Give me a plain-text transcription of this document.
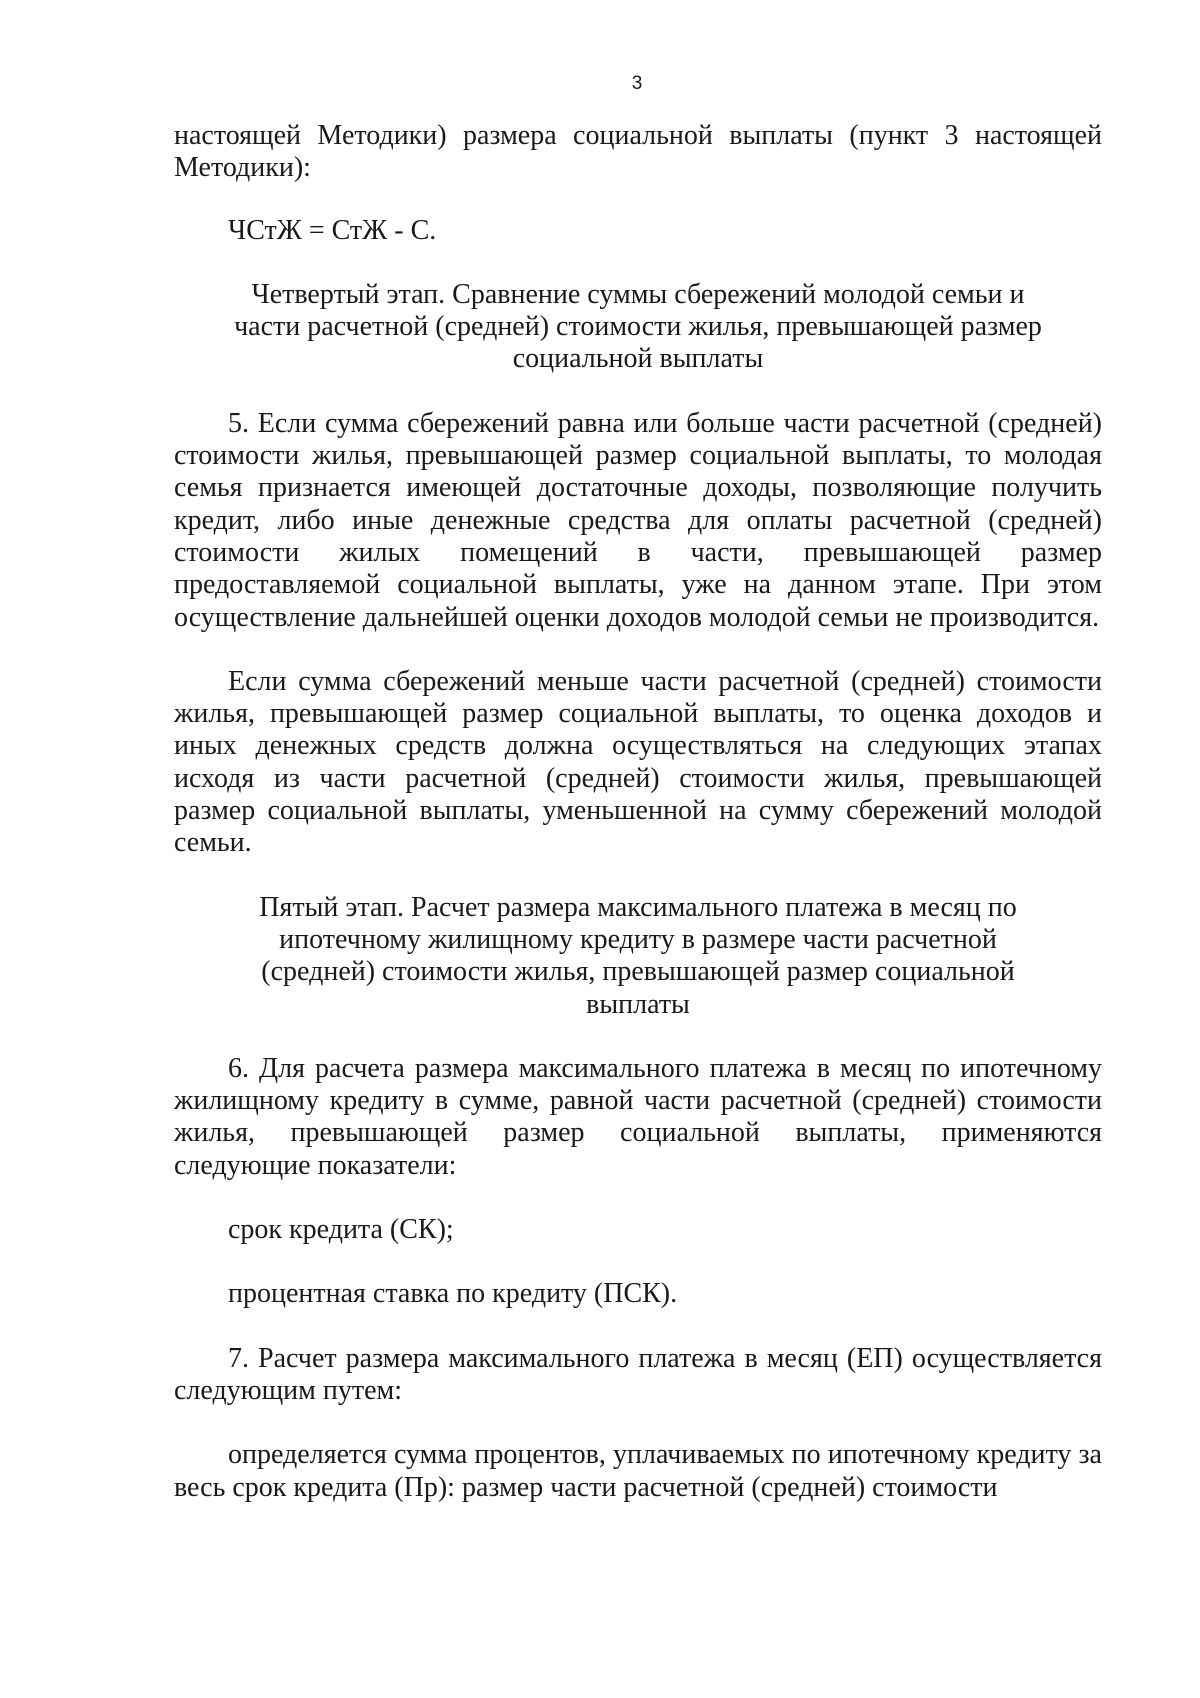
3

настоящей Методики) размера социальной выплаты (пункт 3 настоящей Методики):

ЧСтЖ = СтЖ - С.

Четвертый этап. Сравнение суммы сбережений молодой семьи и части расчетной (средней) стоимости жилья, превышающей размер социальной выплаты

5. Если сумма сбережений равна или больше части расчетной (средней) стоимости жилья, превышающей размер социальной выплаты, то молодая семья признается имеющей достаточные доходы, позволяющие получить кредит, либо иные денежные средства для оплаты расчетной (средней) стоимости жилых помещений в части, превышающей размер предоставляемой социальной выплаты, уже на данном этапе. При этом осуществление дальнейшей оценки доходов молодой семьи не производится.

Если сумма сбережений меньше части расчетной (средней) стоимости жилья, превышающей размер социальной выплаты, то оценка доходов и иных денежных средств должна осуществляться на следующих этапах исходя из части расчетной (средней) стоимости жилья, превышающей размер социальной выплаты, уменьшенной на сумму сбережений молодой семьи.

Пятый этап. Расчет размера максимального платежа в месяц по ипотечному жилищному кредиту в размере части расчетной (средней) стоимости жилья, превышающей размер социальной выплаты

6. Для расчета размера максимального платежа в месяц по ипотечному жилищному кредиту в сумме, равной части расчетной (средней) стоимости жилья, превышающей размер социальной выплаты, применяются следующие показатели:

срок кредита (СК);

процентная ставка по кредиту (ПСК).

7. Расчет размера максимального платежа в месяц (ЕП) осуществляется следующим путем:

определяется сумма процентов, уплачиваемых по ипотечному кредиту за весь срок кредита (Пр): размер части расчетной (средней) стоимости
